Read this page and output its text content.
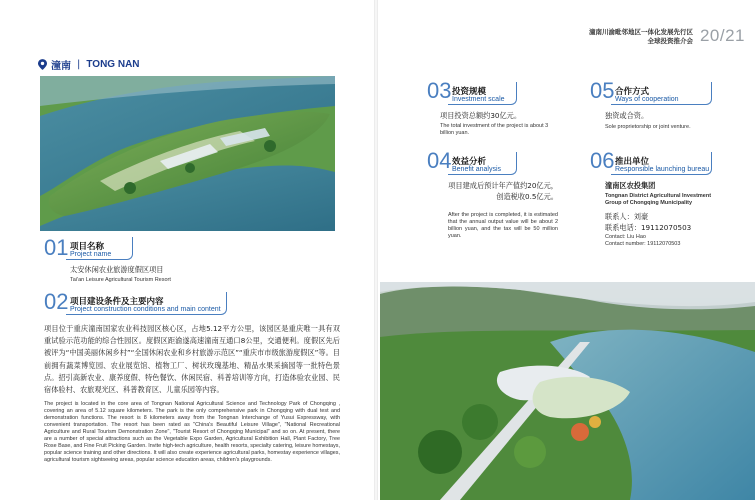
潼南 | TONG NAN
01 项目名称
Project name
太安休闲农业旅游度假区项目
Tai'an Leisure Agricultural Tourism Resort
02 项目建设条件及主要内容
Project construction conditions and main content
项目位于重庆潼南国家农业科技园区核心区，占地5.12平方公里，该园区是重庆唯一具有双重试验示范功能的综合性园区。度假区距渝遂高速潼南互通口8公里，交通便利。度假区先后被评为“中国美丽休闲乡村”“全国休闲农业和乡村旅游示范区”“重庆市市级旅游度假区”等。目前拥有蔬菜博览园、农业展览馆、植物工厂、树状玫瑰基地、精品水果采摘园等一批特色景点。招引高新农业、康养度假、特色餐饮、休闲民宿、科普培训等方向，打造体验农业园、民宿体验村、农旅观光区、科普教育区、儿童乐园等内容。
The project is located in the core area of Tongnan National Agricultural Science and Technology Park of Chongqing , covering an area of 5.12 square kilometers. The park is the only comprehensive park in Chongqing with dual test and demonstration functions. The resort is 8 kilometers away from the Tongnan Interchange of Yusui Expressway, with convenient transportation. The resort has been rated as "China's Beautiful Leisure Village", "National Recreational Agriculture and Rural Tourism Demonstration Zone", "Tourist Resort of Chongqing Municipal" and so on. At present, there are a number of special attractions such as the Vegetable Expo Garden, Agricultural Exhibition Hall, Plant Factory, Tree Rose Base, and Fine Fruit Picking Garden. Invite high-tech agriculture, health resorts, specialty catering, leisure homestays, popular science training and other directions. It will also create experience agricultural parks, homestay experience villages, agricultural tourism sightseeing areas, popular science education areas, children's playgrounds.
潼南川渝毗邻地区一体化发展先行区
全球投资推介会 20/21
03 投资规模
Investment scale
项目投资总额约30亿元。
The total investment of the project is about 3 billion yuan.
05 合作方式
Ways of cooperation
独资或合资。
Sole proprietorship or joint venture.
04 效益分析
Benefit analysis
项目建成后预计年产值约20亿元，创造税收0.5亿元。
After the project is completed, it is estimated that the annual output value will be about 2 billion yuan, and the tax will be 50 million yuan.
06 推出单位
Responsible launching bureau
潼南区农投集团
Tongnan District Agricultural Investment Group of Chongqing Municipality
联系人：刘豪
联系电话：19112070503
Contact: Liu Hao
Contact number: 19112070503
